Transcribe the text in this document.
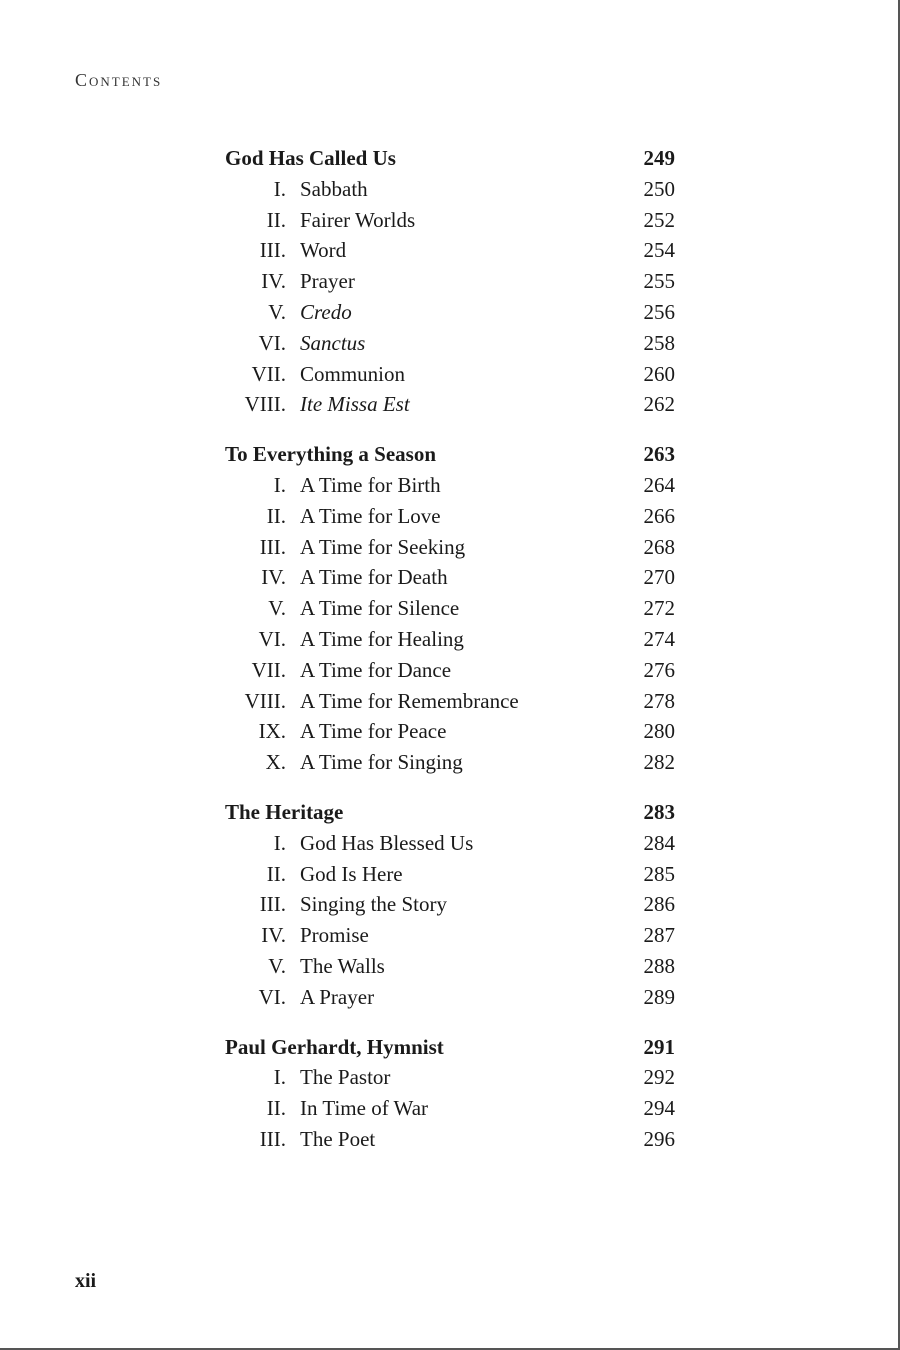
Contents
God Has Called Us	249
I. Sabbath	250
II. Fairer Worlds	252
III. Word	254
IV. Prayer	255
V. Credo	256
VI. Sanctus	258
VII. Communion	260
VIII. Ite Missa Est	262
To Everything a Season	263
I. A Time for Birth	264
II. A Time for Love	266
III. A Time for Seeking	268
IV. A Time for Death	270
V. A Time for Silence	272
VI. A Time for Healing	274
VII. A Time for Dance	276
VIII. A Time for Remembrance	278
IX. A Time for Peace	280
X. A Time for Singing	282
The Heritage	283
I. God Has Blessed Us	284
II. God Is Here	285
III. Singing the Story	286
IV. Promise	287
V. The Walls	288
VI. A Prayer	289
Paul Gerhardt, Hymnist	291
I. The Pastor	292
II. In Time of War	294
III. The Poet	296
xii
